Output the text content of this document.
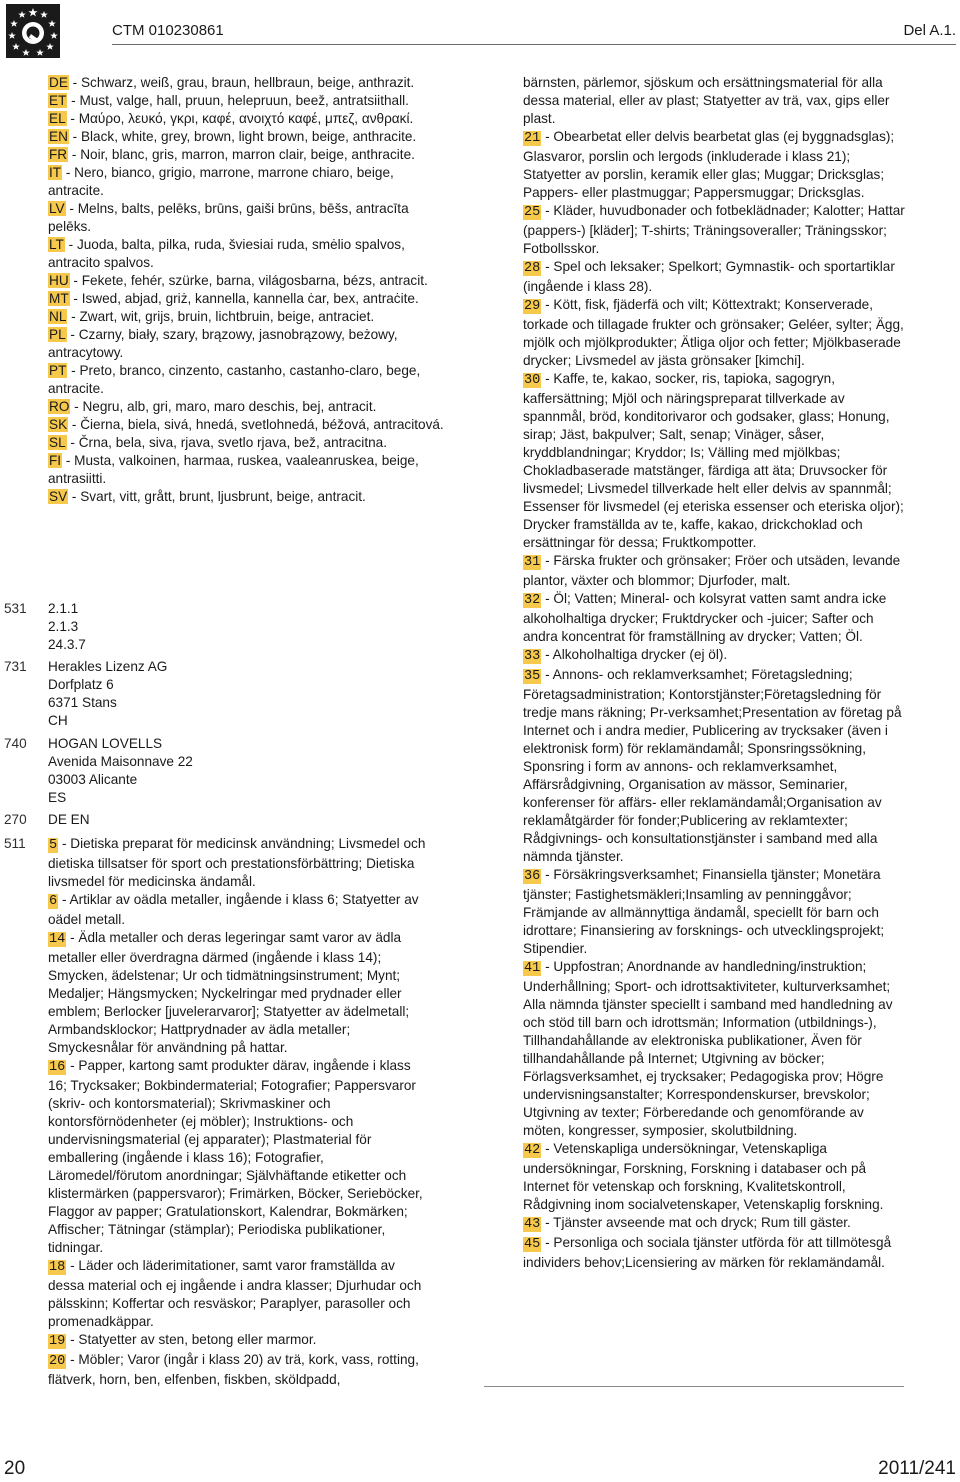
CTM 010230861	Del A.1.

DE - Schwarz, weiß, grau, braun, hellbraun, beige, anthrazit.

ET - Must, valge, hall, pruun, helepruun, beež, antratsiithall.

EL - Μαύρο, λευκό, γκρι, καφέ, ανοιχτό καφέ, μπεζ, ανθρακί.

EN - Black, white, grey, brown, light brown, beige, anthracite.

FR - Noir, blanc, gris, marron, marron clair, beige, anthracite.

IT - Nero, bianco, grigio, marrone, marrone chiaro, beige, antracite.

LV - Melns, balts, pelēks, brūns, gaiši brūns, bēšs, antracīta pelēks.

LT - Juoda, balta, pilka, ruda, šviesiai ruda, smėlio spalvos, antracito spalvos.

HU - Fekete, fehér, szürke, barna, világosbarna, bézs, antracit.

MT - Iswed, abjad, griż, kannella, kannella ċar, bex, antraċite.

NL - Zwart, wit, grijs, bruin, lichtbruin, beige, antraciet.

PL - Czarny, biały, szary, brązowy, jasnobrązowy, beżowy, antracytowy.

PT - Preto, branco, cinzento, castanho, castanho-claro, bege, antracite.

RO - Negru, alb, gri, maro, maro deschis, bej, antracit.

SK - Čierna, biela, sivá, hnedá, svetlohnedá, béžová, antracitová.

SL - Črna, bela, siva, rjava, svetlo rjava, bež, antracitna.

FI - Musta, valkoinen, harmaa, ruskea, vaaleanruskea, beige, antrasiitti.

SV - Svart, vitt, grått, brunt, ljusbrunt, beige, antracit.

531 2.1.1
2.1.3
24.3.7
731 Herakles Lizenz AG
Dorfplatz 6
6371 Stans
CH
740 HOGAN LOVELLS
Avenida Maisonnave 22
03003 Alicante
ES
270 DE EN
511 5 - Dietiska preparat för medicinsk användning; Livsmedel och dietiska tillsatser för sport och prestationsförbättring; Dietiska livsmedel för medicinska ändamål.

6 - Artiklar av oädla metaller, ingående i klass 6; Statyetter av oädel metall.

14 - Ädla metaller och deras legeringar samt varor av ädla metaller eller överdragna därmed (ingående i klass 14); Smycken, ädelstenar; Ur och tidmätningsinstrument; Mynt; Medaljer; Hängsmycken; Nyckelringar med prydnader eller emblem; Berlocker [juvelerarvaror]; Statyetter av ädelmetall; Armbandsklockor; Hattprydnader av ädla metaller; Smyckesnålar för användning på hattar.

16 - Papper, kartong samt produkter därav, ingående i klass 16; Trycksaker; Bokbindermaterial; Fotografier; Pappersvaror (skriv- och kontorsmaterial); Skrivmaskiner och kontorsförnödenheter (ej möbler); Instruktions- och undervisningsmaterial (ej apparater); Plastmaterial för emballering (ingående i klass 16); Fotografier, Läromedel/förutom anordningar; Självhäftande etiketter och klistermärken (pappersvaror); Frimärken, Böcker, Serieböcker, Flaggor av papper; Gratulationskort, Kalendrar, Bokmärken; Affischer; Tätningar (stämplar); Periodiska publikationer, tidningar.

18 - Läder och läderimitationer, samt varor framställda av dessa material och ej ingående i andra klasser; Djurhudar och pälsskinn; Koffertar och resväskor; Paraplyer, parasoller och promenadkäppar.

19 - Statyetter av sten, betong eller marmor.

20 - Möbler; Varor (ingår i klass 20) av trä, kork, vass, rotting, flätverk, horn, ben, elfenben, fiskben, sköldpadd,

bärnsten, pärlemor, sjöskum och ersättningsmaterial för alla dessa material, eller av plast; Statyetter av trä, vax, gips eller plast.

21 - Obearbetat eller delvis bearbetat glas (ej byggnadsglas); Glasvaror, porslin och lergods (inkluderade i klass 21); Statyetter av porslin, keramik eller glas; Muggar; Dricksglas; Pappers- eller plastmuggar; Pappersmuggar; Dricksglas.

25 - Kläder, huvudbonader och fotbeklädnader; Kalotter; Hattar (pappers-) [kläder]; T-shirts; Träningsoveraller; Träningsskor; Fotbollsskor.

28 - Spel och leksaker; Spelkort; Gymnastik- och sportartiklar (ingående i klass 28).

29 - Kött, fisk, fjäderfä och vilt; Köttextrakt; Konserverade, torkade och tillagade frukter och grönsaker; Geléer, sylter; Ägg, mjölk och mjölkprodukter; Ätliga oljor och fetter; Mjölkbaserade drycker; Livsmedel av jästa grönsaker [kimchi].

30 - Kaffe, te, kakao, socker, ris, tapioka, sagogryn, kaffersättning; Mjöl och näringspreparat tillverkade av spannmål, bröd, konditorivaror och godsaker, glass; Honung, sirap; Jäst, bakpulver; Salt, senap; Vinäger, såser, kryddblandningar; Kryddor; Is; Välling med mjölkbas; Chokladbaserade matstänger, färdiga att äta; Druvsocker för livsmedel; Livsmedel tillverkade helt eller delvis av spannmål; Essenser för livsmedel (ej eteriska essenser och eteriska oljor); Drycker framställda av te, kaffe, kakao, drickchoklad och ersättningar för dessa; Fruktkompotter.

31 - Färska frukter och grönsaker; Fröer och utsäden, levande plantor, växter och blommor; Djurfoder, malt.

32 - Öl; Vatten; Mineral- och kolsyrat vatten samt andra icke alkoholhaltiga drycker; Fruktdrycker och -juicer; Safter och andra koncentrat för framställning av drycker; Vatten; Öl.

33 - Alkoholhaltiga drycker (ej öl).

35 - Annons- och reklamverksamhet; Företagsledning; Företagsadministration; Kontorstjänster;Företagsledning för tredje mans räkning; Pr-verksamhet;Presentation av företag på Internet och i andra medier, Publicering av trycksaker (även i elektronisk form) för reklamändamål; Sponsringssökning, Sponsring i form av annons- och reklamverksamhet, Affärsrådgivning, Organisation av mässor, Seminarier, konferenser för affärs- eller reklamändamål;Organisation av reklamåtgärder för fonder;Publicering av reklamtexter; Rådgivnings- och konsultationstjänster i samband med alla nämnda tjänster.

36 - Försäkringsverksamhet; Finansiella tjänster; Monetära tjänster; Fastighetsmäkleri;Insamling av penninggåvor; Främjande av allmännyttiga ändamål, speciellt för barn och idrottare; Finansiering av forsknings- och utvecklingsprojekt; Stipendier.

41 - Uppfostran; Anordnande av handledning/instruktion; Underhållning; Sport- och idrottsaktiviteter, kulturverksamhet; Alla nämnda tjänster speciellt i samband med handledning av och stöd till barn och idrottsmän; Information (utbildnings-), Tillhandahållande av elektroniska publikationer, Även för tillhandahållande på Internet; Utgivning av böcker; Förlagsverksamhet, ej trycksaker; Pedagogiska prov; Högre undervisningsanstalter; Korrespondenskurser, brevskolor; Utgivning av texter; Förberedande och genomförande av möten, kongresser, symposier, skolutbildning.

42 - Vetenskapliga undersökningar, Vetenskapliga undersökningar, Forskning, Forskning i databaser och på Internet för vetenskap och forskning, Kvalitetskontroll, Rådgivning inom socialvetenskaper, Vetenskaplig forskning.

43 - Tjänster avseende mat och dryck; Rum till gäster.

45 - Personliga och sociala tjänster utförda för att tillmötesgå individers behov;Licensiering av märken för reklamändamål.

20	2011/241
